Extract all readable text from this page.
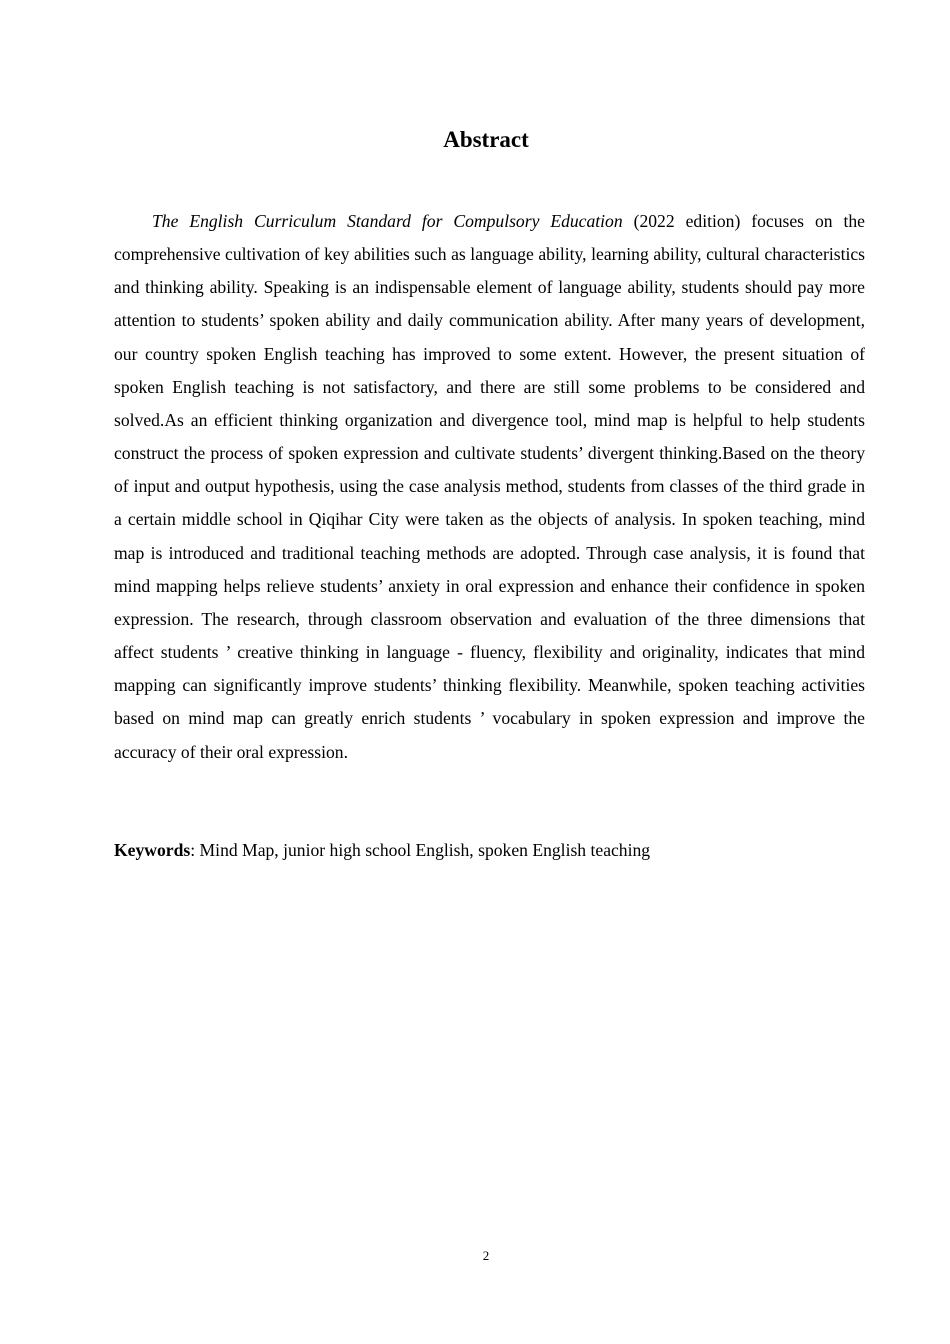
Abstract

The English Curriculum Standard for Compulsory Education (2022 edition) focuses on the comprehensive cultivation of key abilities such as language ability, learning ability, cultural characteristics and thinking ability. Speaking is an indispensable element of language ability, students should pay more attention to students’ spoken ability and daily communication ability. After many years of development, our country spoken English teaching has improved to some extent. However, the present situation of spoken English teaching is not satisfactory, and there are still some problems to be considered and solved.As an efficient thinking organization and divergence tool, mind map is helpful to help students construct the process of spoken expression and cultivate students’ divergent thinking.Based on the theory of input and output hypothesis, using the case analysis method, students from classes of the third grade in a certain middle school in Qiqihar City were taken as the objects of analysis. In spoken teaching, mind map is introduced and traditional teaching methods are adopted. Through case analysis, it is found that mind mapping helps relieve students’ anxiety in oral expression and enhance their confidence in spoken expression. The research, through classroom observation and evaluation of the three dimensions that affect students ’ creative thinking in language - fluency, flexibility and originality, indicates that mind mapping can significantly improve students’ thinking flexibility. Meanwhile, spoken teaching activities based on mind map can greatly enrich students ’ vocabulary in spoken expression and improve the accuracy of their oral expression.

Keywords: Mind Map, junior high school English, spoken English teaching

2
